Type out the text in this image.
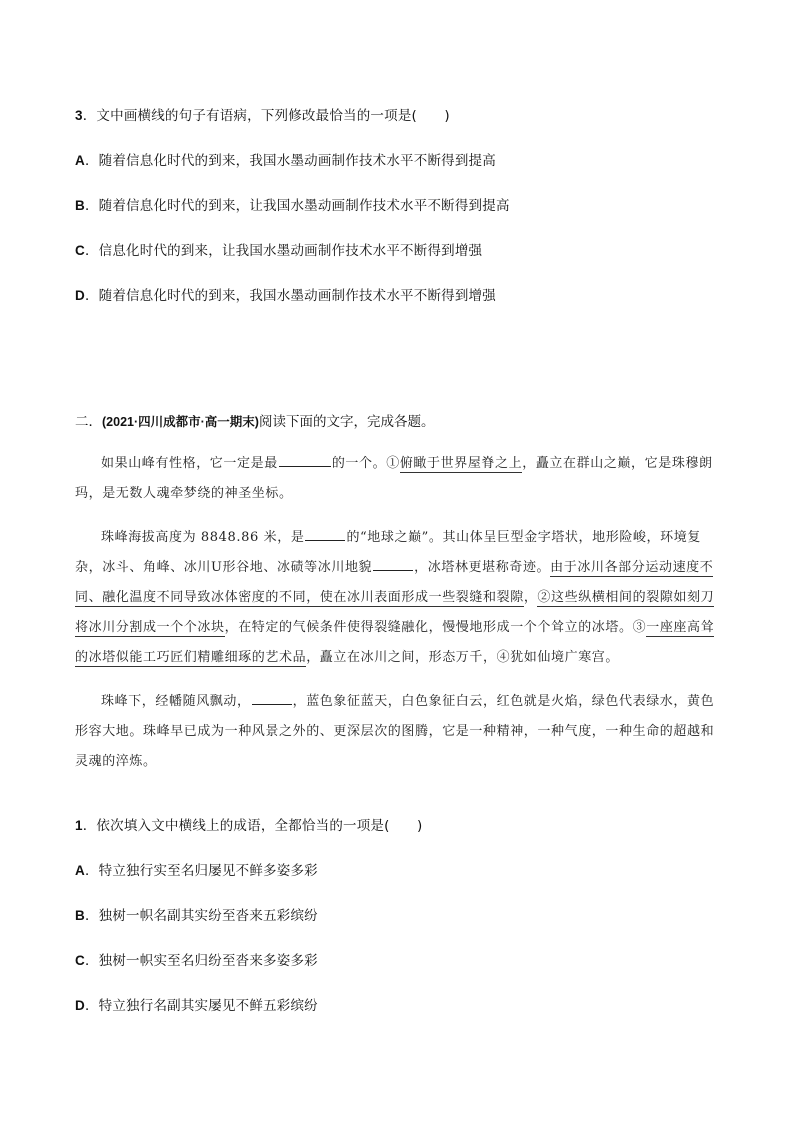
3．文中画横线的句子有语病，下列修改最恰当的一项是(　　)
A．随着信息化时代的到来，我国水墨动画制作技术水平不断得到提高
B．随着信息化时代的到来，让我国水墨动画制作技术水平不断得到提高
C．信息化时代的到来，让我国水墨动画制作技术水平不断得到增强
D．随着信息化时代的到来，我国水墨动画制作技术水平不断得到增强
二．(2021·四川成都市·高一期末)阅读下面的文字，完成各题。

如果山峰有性格，它一定是最	的一个。①俯瞰于世界屋脊之上，矗立在群山之巅，它是珠穆朗玛，是无数人魂牵梦绕的神圣坐标。

珠峰海拔高度为 8848.86 米，是	的“地球之巅”。其山体呈巨型金字塔状，地形险峻，环境复杂，冰斗、角峰、冰川U形谷地、冰碛等冰川地貌	，冰塔林更堪称奇迹。由于冰川各部分运动速度不同、融化温度不同导致冰体密度的不同，使在冰川表面形成一些裂缝和裂隙，②这些纵横相间的裂隙如刻刀将冰川分割成一个个冰块，在特定的气候条件使得裂缝融化，慢慢地形成一个个耸立的冰塔。③一座座高耸的冰塔似能工巧匠们精雕细琢的艺术品，矗立在冰川之间，形态万千，④犹如仙境广寒宫。

珠峰下，经幡随风飘动，	，蓝色象征蓝天，白色象征白云，红色就是火焰，绿色代表绿水，黄色形容大地。珠峰早已成为一种风景之外的、更深层次的图腾，它是一种精神，一种气度，一种生命的超越和灵魂的淬炼。

1．依次填入文中横线上的成语，全都恰当的一项是(　　)
A．特立独行实至名归屡见不鲜多姿多彩
B．独树一帜名副其实纷至沓来五彩缤纷
C．独树一帜实至名归纷至沓来多姿多彩
D．特立独行名副其实屡见不鲜五彩缤纷
